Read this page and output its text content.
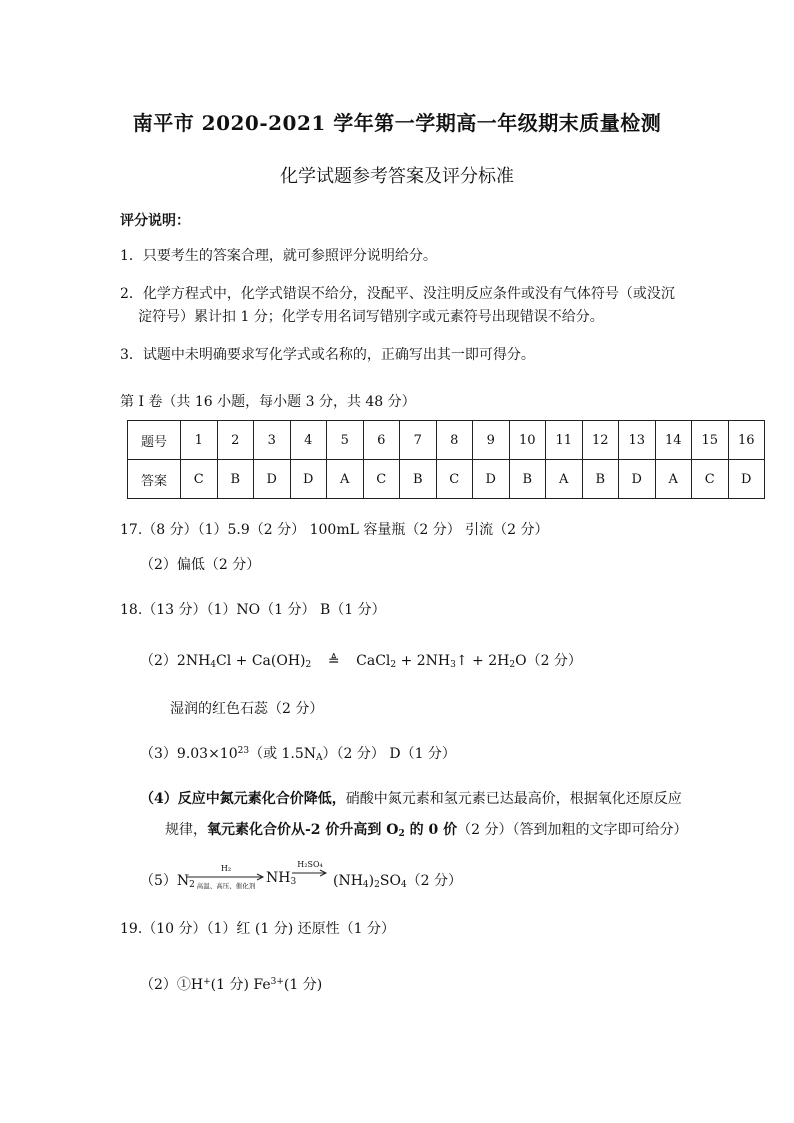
南平市 2020-2021 学年第一学期高一年级期末质量检测
化学试题参考答案及评分标准
评分说明：
1．只要考生的答案合理，就可参照评分说明给分。
2．化学方程式中，化学式错误不给分，没配平、没注明反应条件或没有气体符号（或没沉
淀符号）累计扣 1 分；化学专用名词写错别字或元素符号出现错误不给分。
3．试题中未明确要求写化学式或名称的，正确写出其一即可得分。
第 I 卷（共 16 小题，每小题 3 分，共 48 分）
题号	1	2	3	4	5	6	7	8	9	10	11	12	13	14	15	16
答案	C	B	D	D	A	C	B	C	D	B	A	B	D	A	C	D
17.（8 分）（1）5.9（2 分） 100mL 容量瓶（2 分） 引流（2 分）
（2）偏低（2 分）
18.（13 分）（1）NO（1 分） B（1 分）
$(2)2NH_4Cl + Ca(OH)_2$ ≜ CaCl$_2$ + $2NH_3↑ + 2H_2O(2$ 分）
湿润的红色石蕊（2 分）
$(3)9.03\times 10^{23}$（或 $1.5N_A)(2$ 分） D（1 分）
（4）反应中氮元素化合价降低，硝酸中氮元素和氢元素已达最高价，根据氧化还原反应
规律，氧元素化合价从-2 价升高到 $O_2$ 的 0 价（2 分）（答到加粗的文字即可给分）
$(5)N_2$
H₂
高温、高压、催化剂 $NH_3$
H₂SO₄
$(NH_4)_2SO_4(2$ 分）
19.（10 分）（1）红 (1 分) 还原性（1 分）
（2）①H+(1 分) $Fe^{3+}(1$ 分)
